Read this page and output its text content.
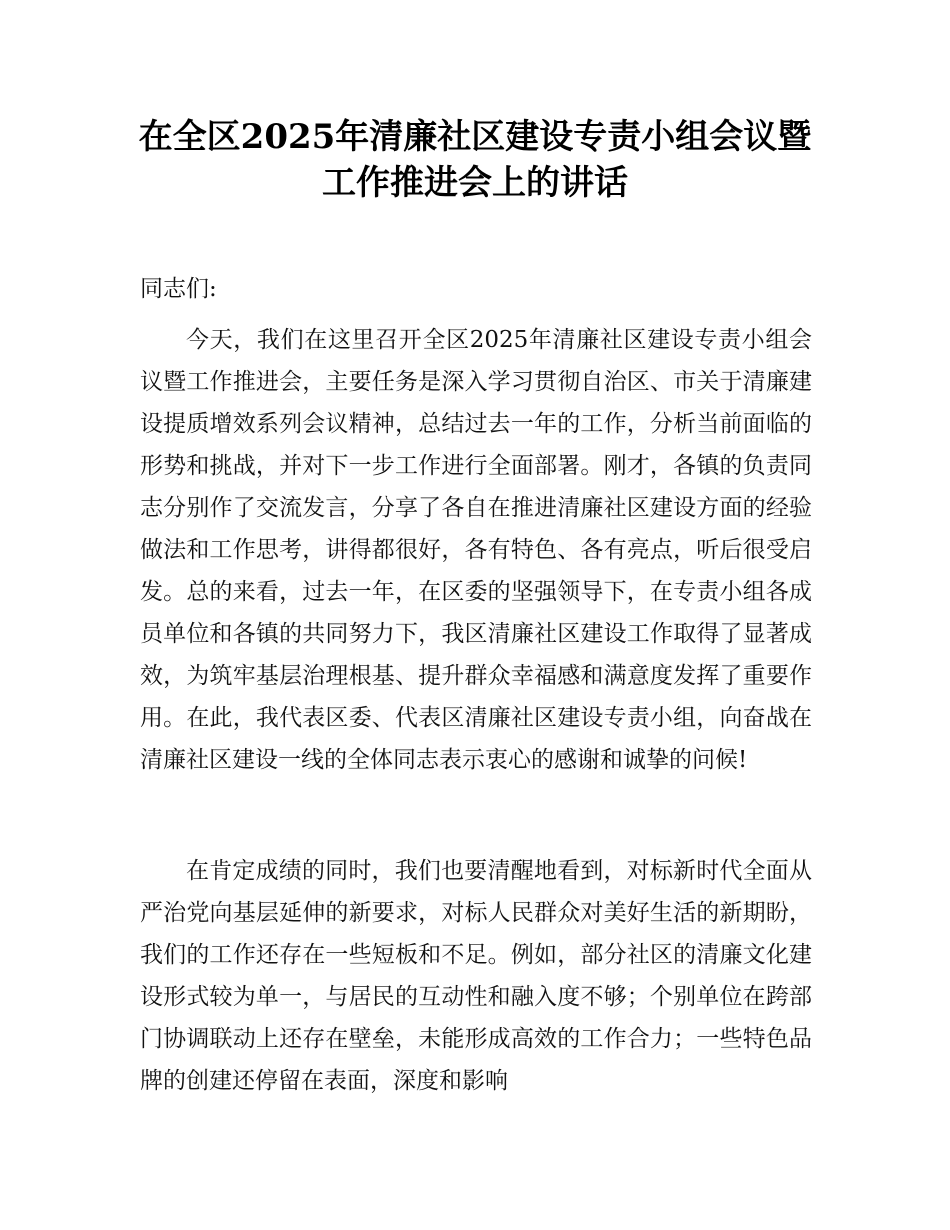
在全区2025年清廉社区建设专责小组会议暨
工作推进会上的讲话

同志们:

今天，我们在这里召开全区2025年清廉社区建设专责小组会议暨工作推进会，主要任务是深入学习贯彻自治区、市关于清廉建设提质增效系列会议精神，总结过去一年的工作，分析当前面临的形势和挑战，并对下一步工作进行全面部署。刚才，各镇的负责同志分别作了交流发言，分享了各自在推进清廉社区建设方面的经验做法和工作思考，讲得都很好，各有特色、各有亮点，听后很受启发。总的来看，过去一年，在区委的坚强领导下，在专责小组各成员单位和各镇的共同努力下，我区清廉社区建设工作取得了显著成效，为筑牢基层治理根基、提升群众幸福感和满意度发挥了重要作用。在此，我代表区委、代表区清廉社区建设专责小组，向奋战在清廉社区建设一线的全体同志表示衷心的感谢和诚挚的问候!

在肯定成绩的同时，我们也要清醒地看到，对标新时代全面从严治党向基层延伸的新要求，对标人民群众对美好生活的新期盼，我们的工作还存在一些短板和不足。例如，部分社区的清廉文化建设形式较为单一，与居民的互动性和融入度不够；个别单位在跨部门协调联动上还存在壁垒，未能形成高效的工作合力；一些特色品牌的创建还停留在表面，深度和影响
